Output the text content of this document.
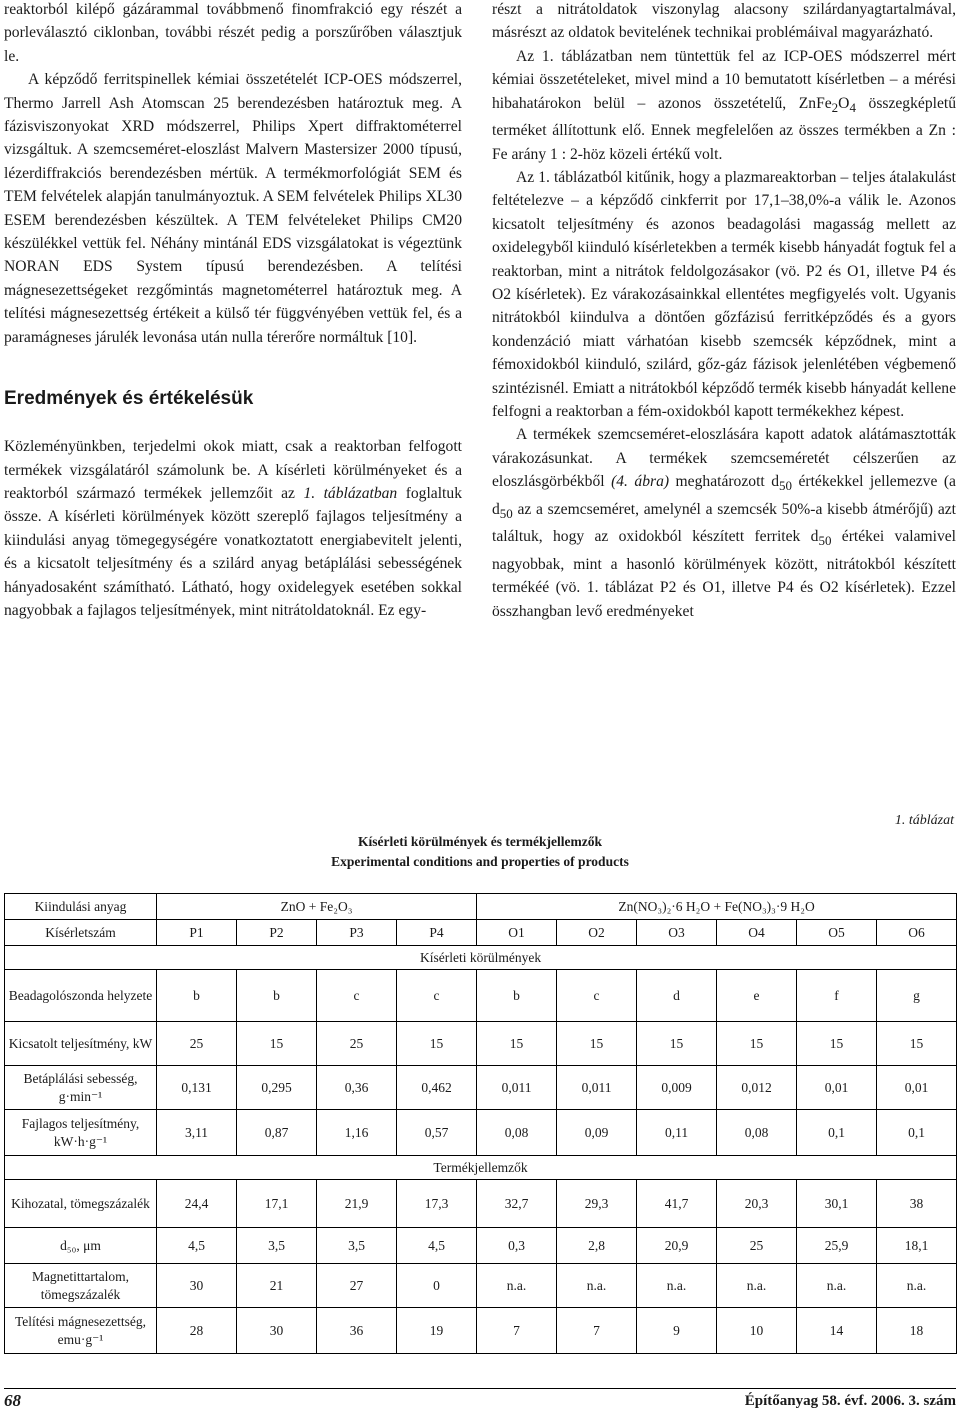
reaktorból kilépő gázárammal továbbmenő finomfrakció egy részét a porleválasztó ciklonban, további részét pedig a porszűrőben választjuk le.

A képződő ferritspinellek kémiai összetételét ICP-OES módszerrel, Thermo Jarrell Ash Atomscan 25 berendezésben határoztuk meg. A fázisviszonyokat XRD módszerrel, Philips Xpert diffraktométerrel vizsgáltuk. A szemcseméret-eloszlást Malvern Mastersizer 2000 típusú, lézerdiffrakciós berendezésben mértük. A termékmorfológiát SEM és TEM felvételek alapján tanulmányoztuk. A SEM felvételek Philips XL30 ESEM berendezésben készültek. A TEM felvételeket Philips CM20 készülékkel vettük fel. Néhány mintánál EDS vizsgálatokat is végeztünk NORAN EDS System típusú berendezésben. A telítési mágnesezettségeket rezgőmintás magnetométerrel határoztuk meg. A telítési mágnesezettség értékeit a külső tér függvényében vettük fel, és a paramágneses járulék levonása után nulla térerőre normáltuk [10].

Eredmények és értékelésük

Közleményünkben, terjedelmi okok miatt, csak a reaktorban felfogott termékek vizsgálatáról számolunk be. A kísérleti körülményeket és a reaktorból származó termékek jellemzőit az 1. táblázatban foglaltuk össze. A kísérleti körülmények között szereplő fajlagos teljesítmény a kiindulási anyag tömegegységére vonatkoztatott energiabevitelt jelenti, és a kicsatolt teljesítmény és a szilárd anyag betáplálási sebességének hányadosaként számítható. Látható, hogy oxidelegyek esetében sokkal nagyobbak a fajlagos teljesítmények, mint nitrátoldatoknál. Ez egy-

részt a nitrátoldatok viszonylag alacsony szilárdanyagtartalmával, másrészt az oldatok bevitelének technikai problémáival magyarázható.

Az 1. táblázatban nem tüntettük fel az ICP-OES módszerrel mért kémiai összetételeket, mivel mind a 10 bemutatott kísérletben – a mérési hibahatárokon belül – azonos összetételű, $ZnFe_2O_4$ összegképletű terméket állítottunk elő. Ennek megfelelően az összes termékben a Zn : Fe arány 1 : 2-höz közeli értékű volt.

Az 1. táblázatból kitűnik, hogy a plazmareaktorban – teljes átalakulást feltételezve – a képződő cinkferrit por 17,1–38,0%-a válik le. Azonos kicsatolt teljesítmény és azonos beadagolási magasság mellett az oxidelegyből kiinduló kísérletekben a termék kisebb hányadát fogtuk fel a reaktorban, mint a nitrátok feldolgozásakor (vö. P2 és O1, illetve P4 és O2 kísérletek). Ez várakozásainkkal ellentétes megfigyelés volt. Ugyanis nitrátokból kiindulva a döntően gőzfázisú ferritképződés és a gyors kondenzáció miatt várhatóan kisebb szemcsék képződnek, mint a fémoxidokból kiinduló, szilárd, gőz-gáz fázisok jelenlétében végbemenő szintézisnél. Emiatt a nitrátokból képződő termék kisebb hányadát kellene felfogni a reaktorban a fém-oxidokból kapott termékekhez képest.

A termékek szemcseméret-eloszlására kapott adatok alátámasztották várakozásunkat. A termékek szemcseméretét célszerűen az eloszlásgörbékből (4. ábra) meghatározott $d_{50}$ értékekkel jellemezve (a $d_{50}$ az a szemcseméret, amelynél a szemcsék 50%-a kisebb átmérőjű) azt találtuk, hogy az oxidokból készített ferritek $d_{50}$ értékei valamivel nagyobbak, mint a hasonló körülmények között, nitrátokból készített termékéé (vö. 1. táblázat P2 és O1, illetve P4 és O2 kísérletek). Ezzel összhangban levő eredményeket

1. táblázat
Kísérleti körülmények és termékjellemzők
Experimental conditions and properties of products
Kiindulási anyag	ZnO + Fe₂O₃				Zn(NO₃)₂·6 H₂O + Fe(NO₃)₃·9 H₂O					
Kísérletszám	P1	P2	P3	P4	O1	O2	O3	O4	O5	O6
Kísérleti körülmények										
Beadagolószonda helyzete	b	b	c	c	b	c	d	e	f	g
Kicsatolt teljesítmény, kW	25	15	25	15	15	15	15	15	15	15
Betáplálási sebesség, g·min⁻¹	0,131	0,295	0,36	0,462	0,011	0,011	0,009	0,012	0,01	0,01
Fajlagos teljesítmény, kW·h·g⁻¹	3,11	0,87	1,16	0,57	0,08	0,09	0,11	0,08	0,1	0,1
Termékjellemzők										
Kihozatal, tömegszázalék	24,4	17,1	21,9	17,3	32,7	29,3	41,7	20,3	30,1	38
d₅₀, μm	4,5	3,5	3,5	4,5	0,3	2,8	20,9	25	25,9	18,1
Magnetittartalom, tömegszázalék	30	21	27	0	n.a.	n.a.	n.a.	n.a.	n.a.	n.a.
Telítési mágnesezettség, emu·g⁻¹	28	30	36	19	7	7	9	10	14	18
68	Építőanyag 58. évf. 2006. 3. szám
